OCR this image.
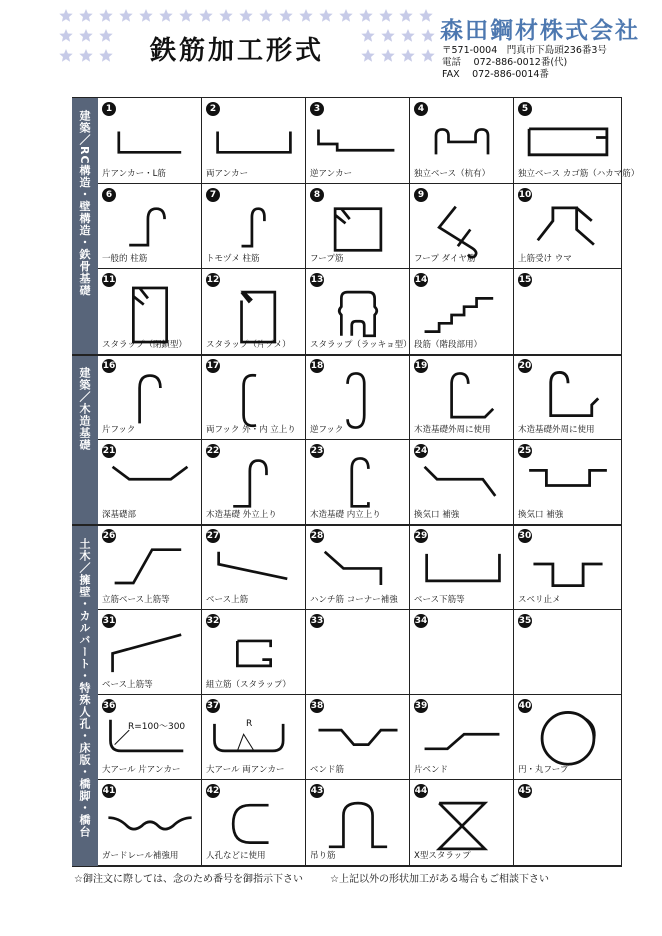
鉄筋加工形式
森田鋼材株式会社
〒571-0004　門真市下島頭236番3号
電話　 072-886-0012番(代)
FAX　 072-886-0014番
1
片アンカー・L筋
2
両アンカー
3
逆アンカー
4
独立ベース（杭有）
5
独立ベース カゴ筋（ハカマ筋）
6
一般的 柱筋
7
トモヅメ 柱筋
8
フープ筋
9
フープ ダイヤ筋
10
上筋受け ウマ
11
スタラップ（閉鎖型）
12
スタラップ（片ヅメ）
13
スタラップ（ラッキョ型）
14
段筋（階段部用）
15
16
片フック
17
両フック 外・内 立上り
18
逆フック
19
木造基礎外周に使用
20
木造基礎外周に使用
21
深基礎部
22
木造基礎 外立上り
23
木造基礎 内立上り
24
換気口 補強
25
換気口 補強
26
立筋ベース上筋等
27
ベース上筋
28
ハンチ筋 コーナー補強
29
ベース下筋等
30
スベリ止メ
31
ベース上筋等
32
組立筋（スタラップ）
33	34	35
36
R=100～300
大アール 片アンカー
37
R
大アール 両アンカー
38
ベンド筋
39
片ベンド
40
円・丸フープ
41
ガードレール補強用
42
人孔などに使用
43
吊り筋
44
X型スタラップ
45
建築／RC構造・壁構造・鉄骨基礎
建築／木造基礎
土木／擁壁・カルバート・特殊人孔・床版・橋脚・橋台
☆御注文に際しては、念のため番号を御指示下さい	☆上記以外の形状加工がある場合もご相談下さい
